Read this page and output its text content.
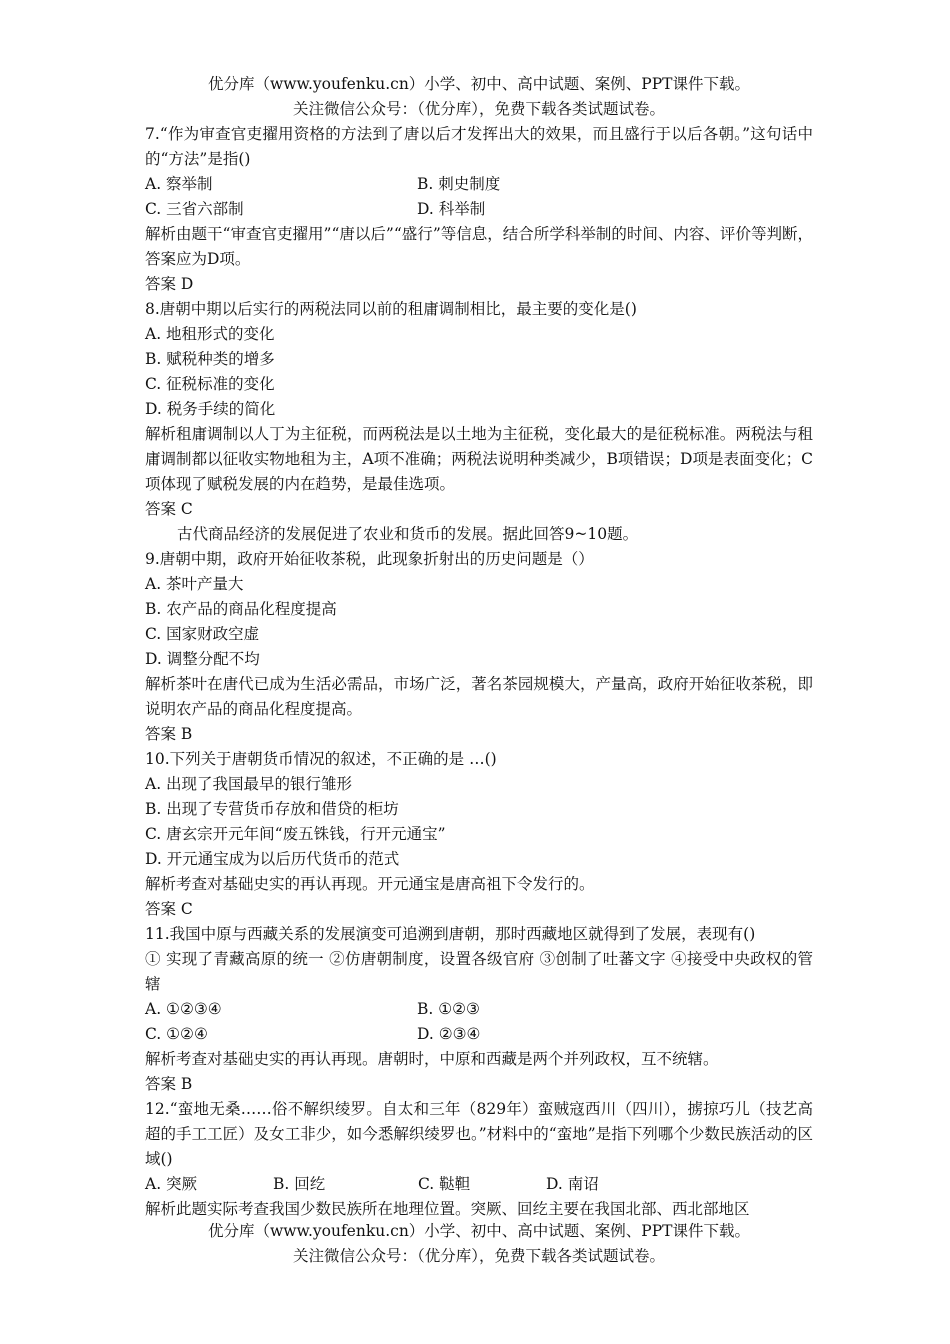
优分库（www.youfenku.cn）小学、初中、高中试题、案例、PPT课件下载。
关注微信公众号：（优分库），免费下载各类试题试卷。
7.“作为审查官吏擢用资格的方法到了唐以后才发挥出大的效果，而且盛行于以后各朝。”这句话中的“方法”是指()
A. 察举制	B. 刺史制度
C. 三省六部制	D. 科举制
解析由题干“审查官吏擢用”“唐以后”“盛行”等信息，结合所学科举制的时间、内容、评价等判断，答案应为D项。
答案 D
8.唐朝中期以后实行的两税法同以前的租庸调制相比，最主要的变化是()
A. 地租形式的变化
B. 赋税种类的增多
C. 征税标准的变化
D. 税务手续的简化
解析租庸调制以人丁为主征税，而两税法是以土地为主征税，变化最大的是征税标准。两税法与租庸调制都以征收实物地租为主，A项不准确；两税法说明种类减少，B项错误；D项是表面变化；C项体现了赋税发展的内在趋势，是最佳选项。
答案 C
古代商品经济的发展促进了农业和货币的发展。据此回答9~10题。
9.唐朝中期，政府开始征收茶税，此现象折射出的历史问题是（）
A. 茶叶产量大
B. 农产品的商品化程度提高
C. 国家财政空虚
D. 调整分配不均
解析茶叶在唐代已成为生活必需品，市场广泛，著名茶园规模大，产量高，政府开始征收茶税，即说明农产品的商品化程度提高。
答案 B
10.下列关于唐朝货币情况的叙述，不正确的是 …()
A. 出现了我国最早的银行雏形
B. 出现了专营货币存放和借贷的柜坊
C. 唐玄宗开元年间“废五铢钱，行开元通宝”
D. 开元通宝成为以后历代货币的范式
解析考查对基础史实的再认再现。开元通宝是唐高祖下令发行的。
答案 C
11.我国中原与西藏关系的发展演变可追溯到唐朝，那时西藏地区就得到了发展，表现有()
① 实现了青藏高原的统一 ②仿唐朝制度，设置各级官府 ③创制了吐蕃文字 ④接受中央政权的管辖
A. ①②③④	B. ①②③
C. ①②④	D. ②③④
解析考查对基础史实的再认再现。唐朝时，中原和西藏是两个并列政权，互不统辖。
答案 B
12.“蛮地无桑……俗不解织绫罗。自太和三年（829年）蛮贼寇西川（四川），掳掠巧儿（技艺高超的手工工匠）及女工非少，如今悉解织绫罗也。”材料中的“蛮地”是指下列哪个少数民族活动的区域()
A. 突厥	B. 回纥	C. 鞑靼	D. 南诏
解析此题实际考查我国少数民族所在地理位置。突厥、回纥主要在我国北部、西北部地区
优分库（www.youfenku.cn）小学、初中、高中试题、案例、PPT课件下载。
关注微信公众号：（优分库），免费下载各类试题试卷。
